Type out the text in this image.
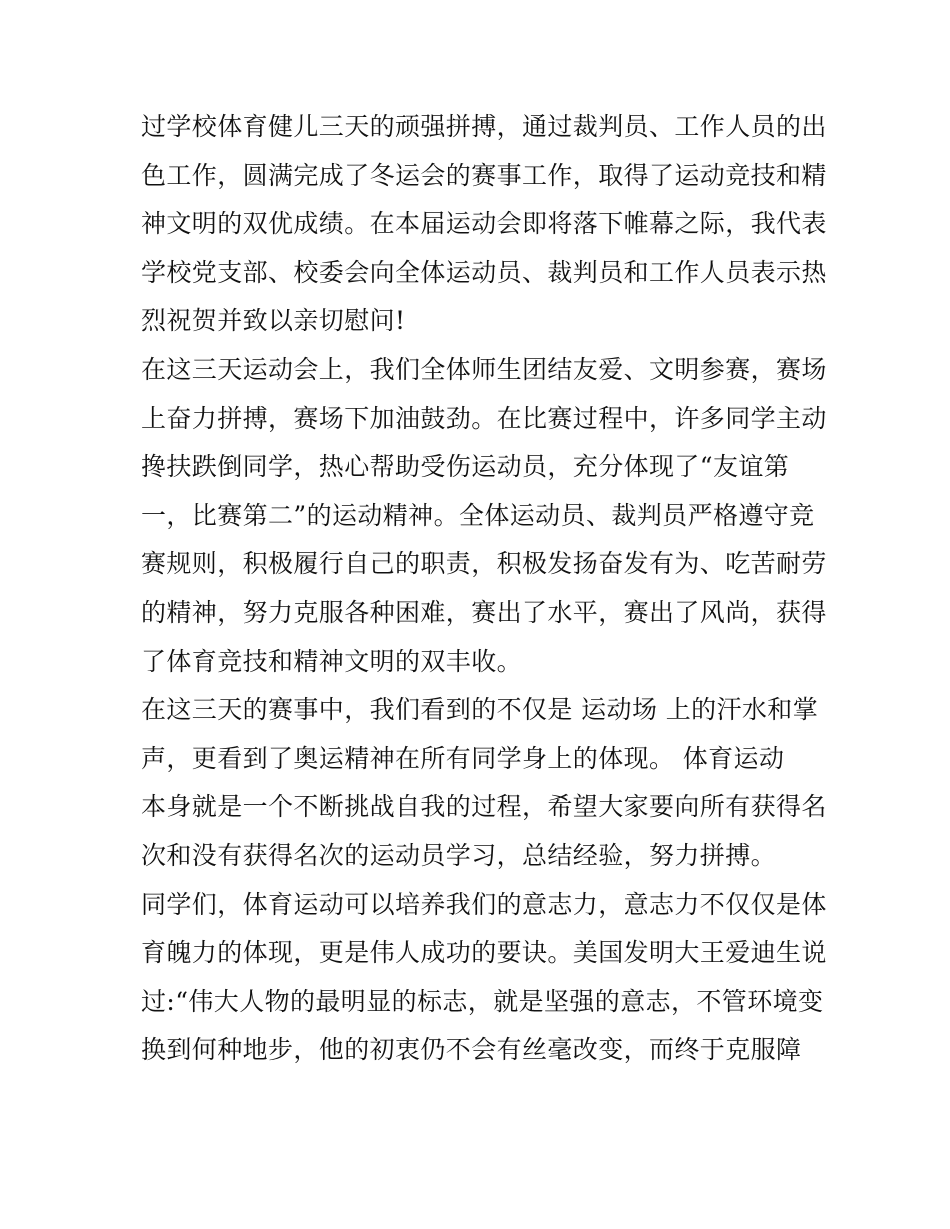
过学校体育健儿三天的顽强拼搏，通过裁判员、工作人员的出
色工作，圆满完成了冬运会的赛事工作，取得了运动竞技和精
神文明的双优成绩。在本届运动会即将落下帷幕之际，我代表
学校党支部、校委会向全体运动员、裁判员和工作人员表示热
烈祝贺并致以亲切慰问!
在这三天运动会上，我们全体师生团结友爱、文明参赛，赛场
上奋力拼搏，赛场下加油鼓劲。在比赛过程中，许多同学主动
搀扶跌倒同学，热心帮助受伤运动员，充分体现了“友谊第
一，比赛第二”的运动精神。全体运动员、裁判员严格遵守竞
赛规则，积极履行自己的职责，积极发扬奋发有为、吃苦耐劳
的精神，努力克服各种困难，赛出了水平，赛出了风尚，获得
了体育竞技和精神文明的双丰收。
在这三天的赛事中，我们看到的不仅是 运动场 上的汗水和掌
声，更看到了奥运精神在所有同学身上的体现。 体育运动
本身就是一个不断挑战自我的过程，希望大家要向所有获得名
次和没有获得名次的运动员学习，总结经验，努力拼搏。
同学们，体育运动可以培养我们的意志力，意志力不仅仅是体
育魄力的体现，更是伟人成功的要诀。美国发明大王爱迪生说
过:“伟大人物的最明显的标志，就是坚强的意志，不管环境变
换到何种地步，他的初衷仍不会有丝毫改变，而终于克服障
